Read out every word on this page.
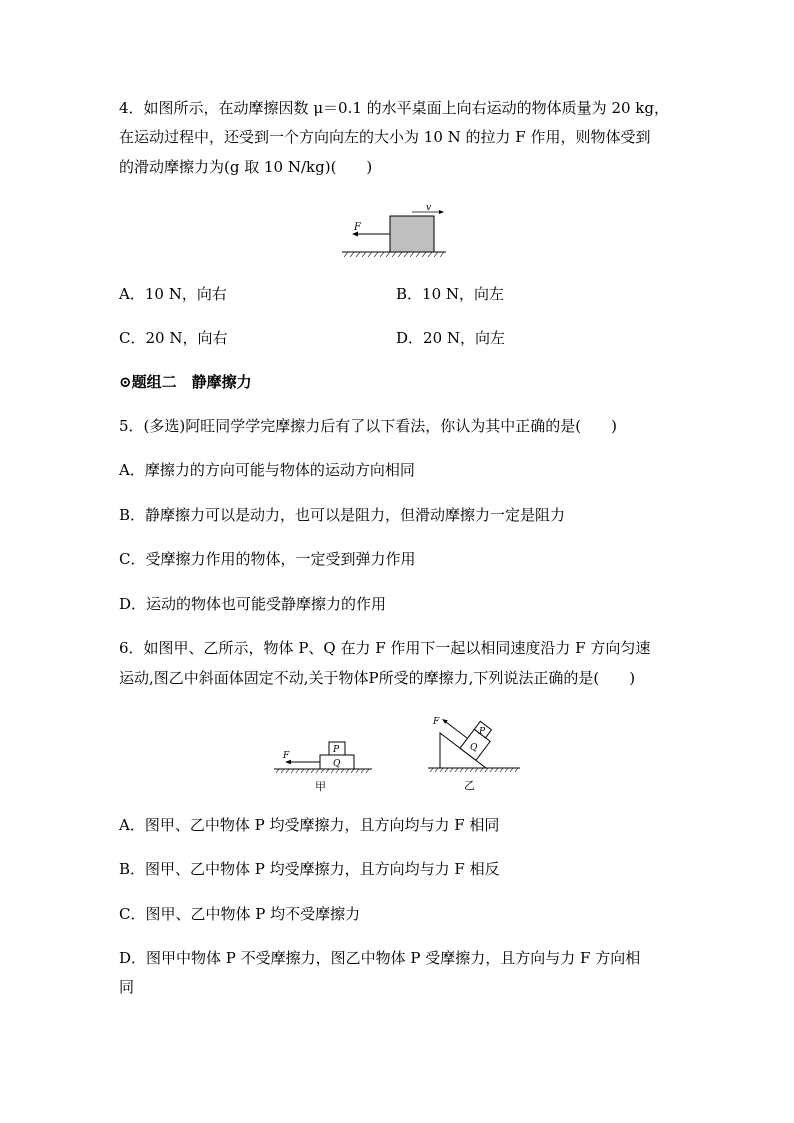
4．如图所示，在动摩擦因数 μ＝0.1 的水平桌面上向右运动的物体质量为 20 kg，
在运动过程中，还受到一个方向向左的大小为 10 N 的拉力 F 作用，则物体受到
的滑动摩擦力为(g 取 10 N/kg)(　　)
F
v
A．10 N，向右	B．10 N，向左
C．20 N，向右	D．20 N，向左
⊙题组二　静摩擦力
5．(多选)阿旺同学学完摩擦力后有了以下看法，你认为其中正确的是(　　)
A．摩擦力的方向可能与物体的运动方向相同
B．静摩擦力可以是动力，也可以是阻力，但滑动摩擦力一定是阻力
C．受摩擦力作用的物体，一定受到弹力作用
D．运动的物体也可能受静摩擦力的作用
6．如图甲、乙所示，物体 P、Q 在力 F 作用下一起以相同速度沿力 F 方向匀速
运动,图乙中斜面体固定不动,关于物体P所受的摩擦力,下列说法正确的是(　　)
P
Q
F
甲
P
Q
F
乙
A．图甲、乙中物体 P 均受摩擦力，且方向均与力 F 相同
B．图甲、乙中物体 P 均受摩擦力，且方向均与力 F 相反
C．图甲、乙中物体 P 均不受摩擦力
D．图甲中物体 P 不受摩擦力，图乙中物体 P 受摩擦力，且方向与力 F 方向相
同
